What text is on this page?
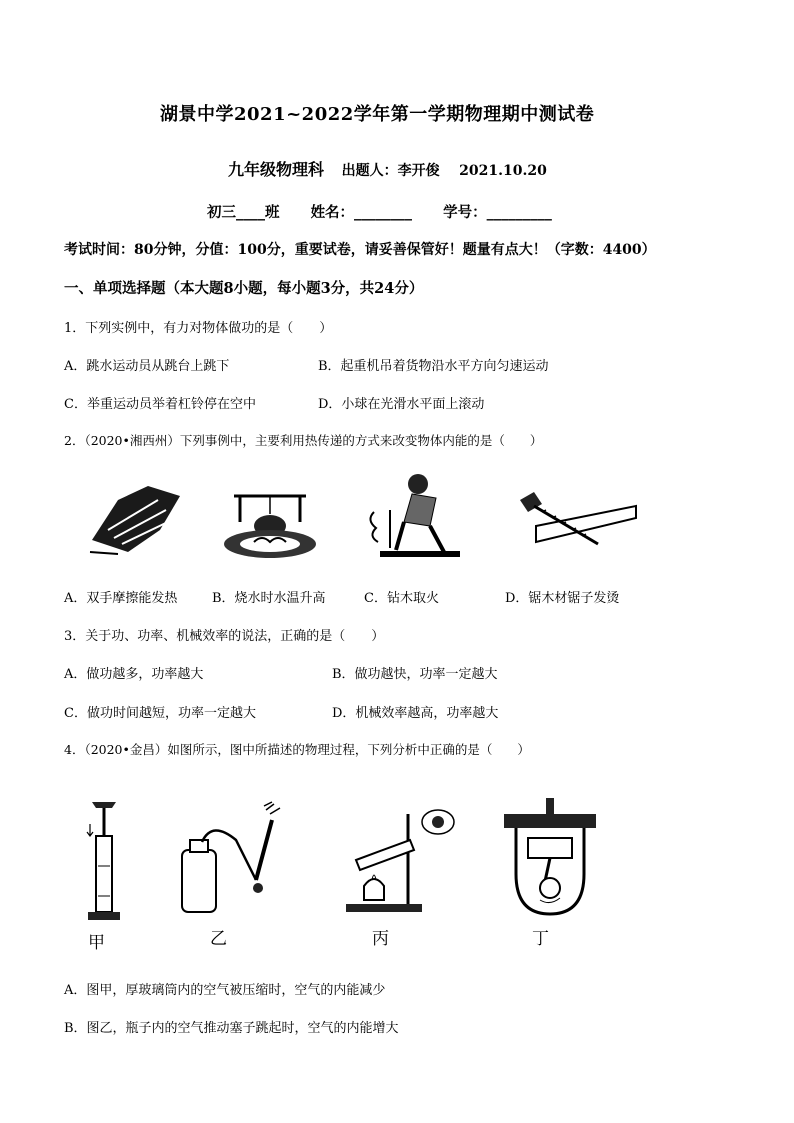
湖景中学2021~2022学年第一学期物理期中测试卷
九年级物理科 出题人：李开俊 2021.10.20
初三____班 姓名：________ 学号：_________
考试时间：80分钟，分值：100分，重要试卷，请妥善保管好！题量有点大！（字数：4400）
一、单项选择题（本大题8小题，每小题3分，共24分）
1．下列实例中，有力对物体做功的是（　　）
A．跳水运动员从跳台上跳下	B．起重机吊着货物沿水平方向匀速运动
C．举重运动员举着杠铃停在空中	D．小球在光滑水平面上滚动
2．（2020•湘西州）下列事例中，主要利用热传递的方式来改变物体内能的是（　　）
A．双手摩擦能发热	B．烧水时水温升高	C．钻木取火	D．锯木材锯子发烫
3．关于功、功率、机械效率的说法，正确的是（　　）
A．做功越多，功率越大	B．做功越快，功率一定越大
C．做功时间越短，功率一定越大	D．机械效率越高，功率越大
4．（2020•金昌）如图所示，图中所描述的物理过程，下列分析中正确的是（　　）
甲	乙	丙	丁
A．图甲，厚玻璃筒内的空气被压缩时，空气的内能减少
B．图乙，瓶子内的空气推动塞子跳起时，空气的内能增大
